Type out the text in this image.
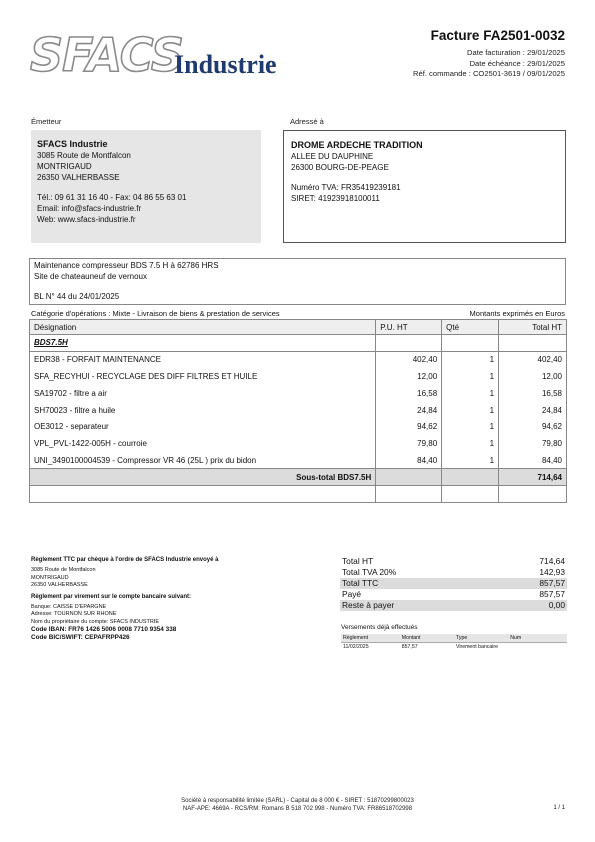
SFACS
Industrie
Facture FA2501-0032
Date facturation : 29/01/2025
Date échéance : 29/01/2025
Réf. commande : CO2501-3619 / 09/01/2025
Émetteur
SFACS Industrie
3085 Route de Montfalcon
MONTRIGAUD
26350 VALHERBASSE
Tél.: 09 61 31 16 40 - Fax: 04 86 55 63 01
Email: info@sfacs-industrie.fr
Web: www.sfacs-industrie.fr
Adressé à
DROME ARDECHE TRADITION
ALLEE DU DAUPHINE
26300 BOURG-DE-PEAGE
Numéro TVA: FR35419239181
SIRET: 41923918100011
Maintenance compresseur BDS 7.5 H à 62786 HRS
Site de chateauneuf de vernoux
BL N° 44 du 24/01/2025
Catégorie d'opérations : Mixte - Livraison de biens & prestation de services	Montants exprimés en Euros
Désignation	P.U. HT	Qté	Total HT
BDS7.5H			
EDR38 - FORFAIT MAINTENANCE	402,40	1	402,40
SFA_RECYHUI - RECYCLAGE DES DIFF FILTRES ET HUILE	12,00	1	12,00
SA19702 - filtre a air	16,58	1	16,58
SH70023 - filtre a huile	24,84	1	24,84
OE3012 - separateur	94,62	1	94,62
VPL_PVL-1422-005H - courroie	79,80	1	79,80
UNI_3490100004539 - Compressor VR 46 (25L ) prix du bidon	84,40	1	84,40
Sous-total BDS7.5H			714,64

Règlement TTC par chèque à l'ordre de SFACS Industrie envoyé à
3085 Route de Montfalcon
MONTRIGAUD
26350 VALHERBASSE
Règlement par virement sur le compte bancaire suivant:
Banque: CAISSE D'EPARGNE
Adresse: TOURNON SUR RHONE
Nom du propriétaire du compte: SFACS INDUSTRIE
Code IBAN: FR76 1426 5006 0008 7710 9354 338
Code BIC/SWIFT: CEPAFRPP426
Total HT	714,64
Total TVA 20%	142,93
Total TTC	857,57
Payé	857,57
Reste à payer	0,00
Versements déjà effectués
Règlement	Montant	Type	Num
11/02/2025	857,57	Virement bancaire	
Société à responsabilité limitée (SARL) - Capital de 8 000 € - SIRET : 51870299800023
NAF-APE: 4669A - RCS/RM: Romans B 518 702 998 - Numéro TVA: FR86518702998	1 / 1
